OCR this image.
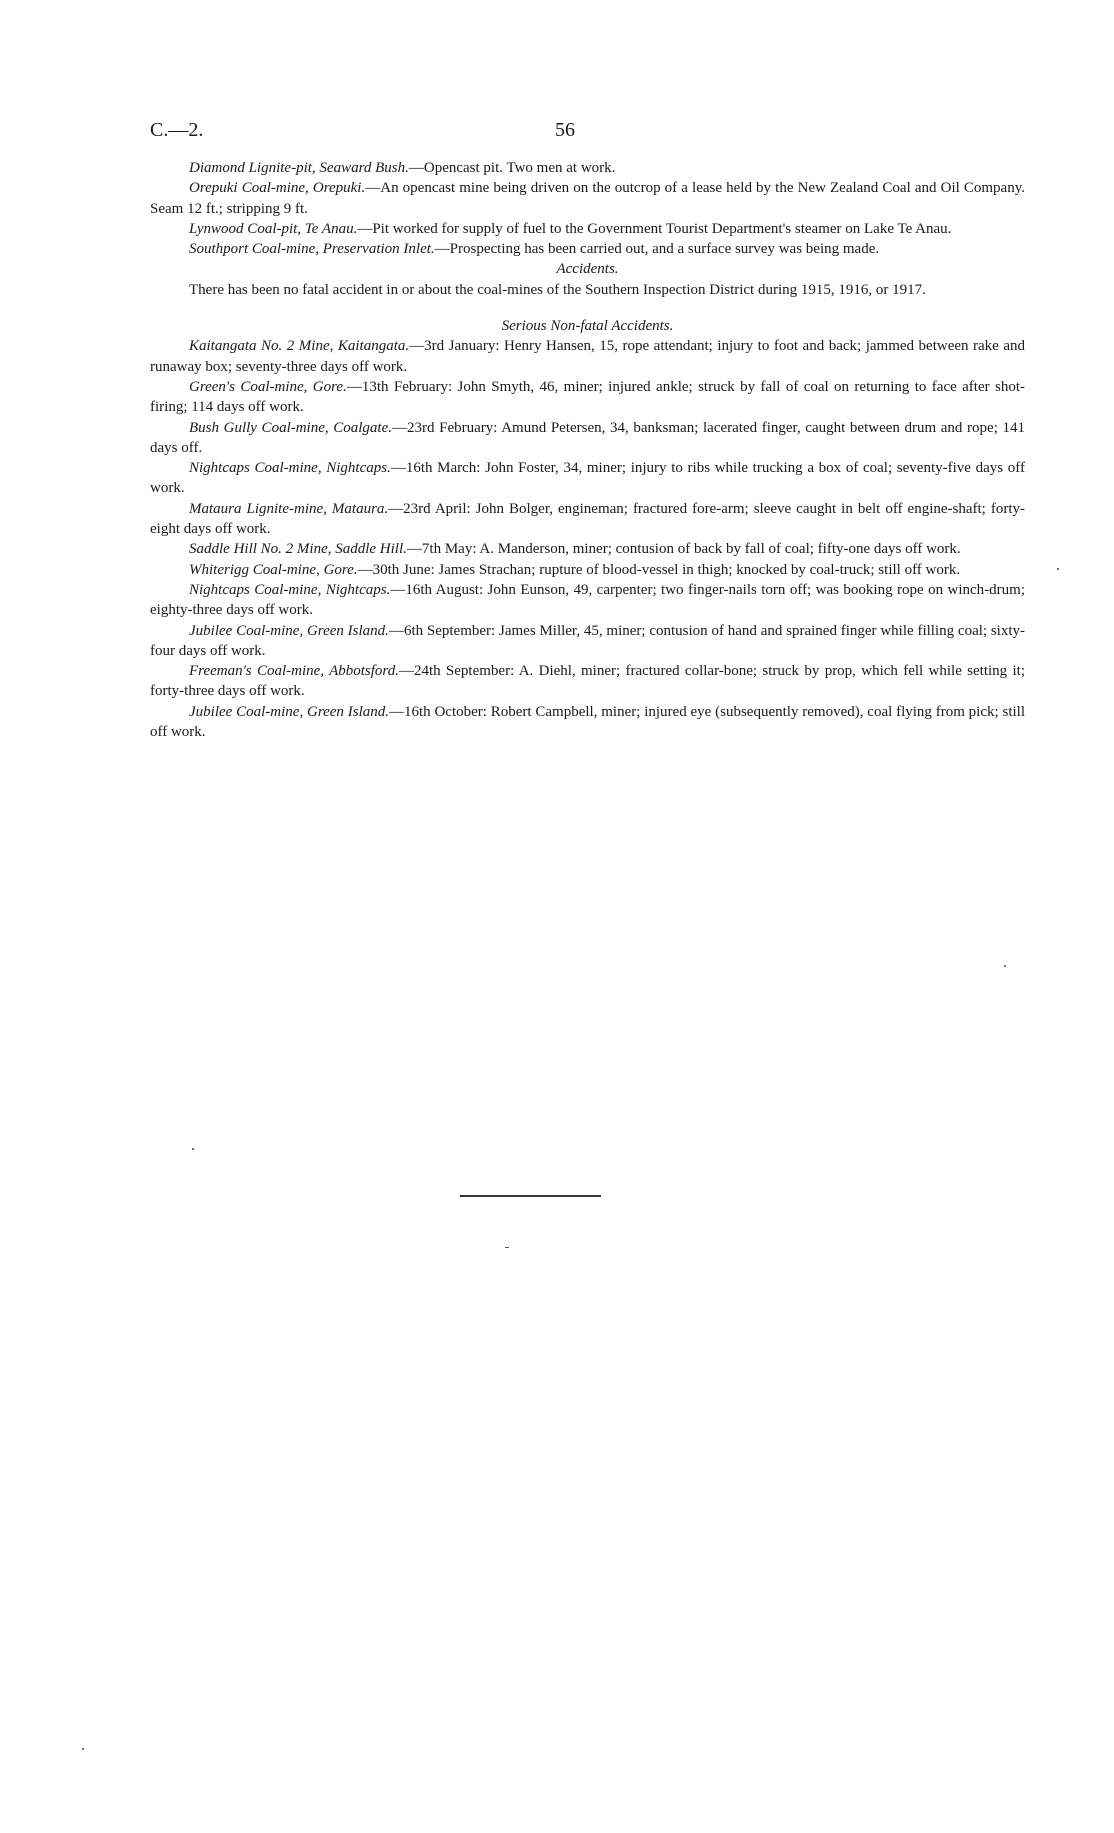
C.—2.	56

Diamond Lignite-pit, Seaward Bush.—Opencast pit. Two men at work.

Orepuki Coal-mine, Orepuki.—An opencast mine being driven on the outcrop of a lease held by the New Zealand Coal and Oil Company. Seam 12 ft.; stripping 9 ft.

Lynwood Coal-pit, Te Anau.—Pit worked for supply of fuel to the Government Tourist Department's steamer on Lake Te Anau.

Southport Coal-mine, Preservation Inlet.—Prospecting has been carried out, and a surface survey was being made.

Accidents.

There has been no fatal accident in or about the coal-mines of the Southern Inspection District during 1915, 1916, or 1917.

Serious Non-fatal Accidents.

Kaitangata No. 2 Mine, Kaitangata.—3rd January: Henry Hansen, 15, rope attendant; injury to foot and back; jammed between rake and runaway box; seventy-three days off work.

Green's Coal-mine, Gore.—13th February: John Smyth, 46, miner; injured ankle; struck by fall of coal on returning to face after shot-firing; 114 days off work.

Bush Gully Coal-mine, Coalgate.—23rd February: Amund Petersen, 34, banksman; lacerated finger, caught between drum and rope; 141 days off.

Nightcaps Coal-mine, Nightcaps.—16th March: John Foster, 34, miner; injury to ribs while trucking a box of coal; seventy-five days off work.

Mataura Lignite-mine, Mataura.—23rd April: John Bolger, engineman; fractured fore-arm; sleeve caught in belt off engine-shaft; forty-eight days off work.

Saddle Hill No. 2 Mine, Saddle Hill.—7th May: A. Manderson, miner; contusion of back by fall of coal; fifty-one days off work.

Whiterigg Coal-mine, Gore.—30th June: James Strachan; rupture of blood-vessel in thigh; knocked by coal-truck; still off work.

Nightcaps Coal-mine, Nightcaps.—16th August: John Eunson, 49, carpenter; two finger-nails torn off; was booking rope on winch-drum; eighty-three days off work.

Jubilee Coal-mine, Green Island.—6th September: James Miller, 45, miner; contusion of hand and sprained finger while filling coal; sixty-four days off work.

Freeman's Coal-mine, Abbotsford.—24th September: A. Diehl, miner; fractured collar-bone; struck by prop, which fell while setting it; forty-three days off work.

Jubilee Coal-mine, Green Island.—16th October: Robert Campbell, miner; injured eye (subsequently removed), coal flying from pick; still off work.
